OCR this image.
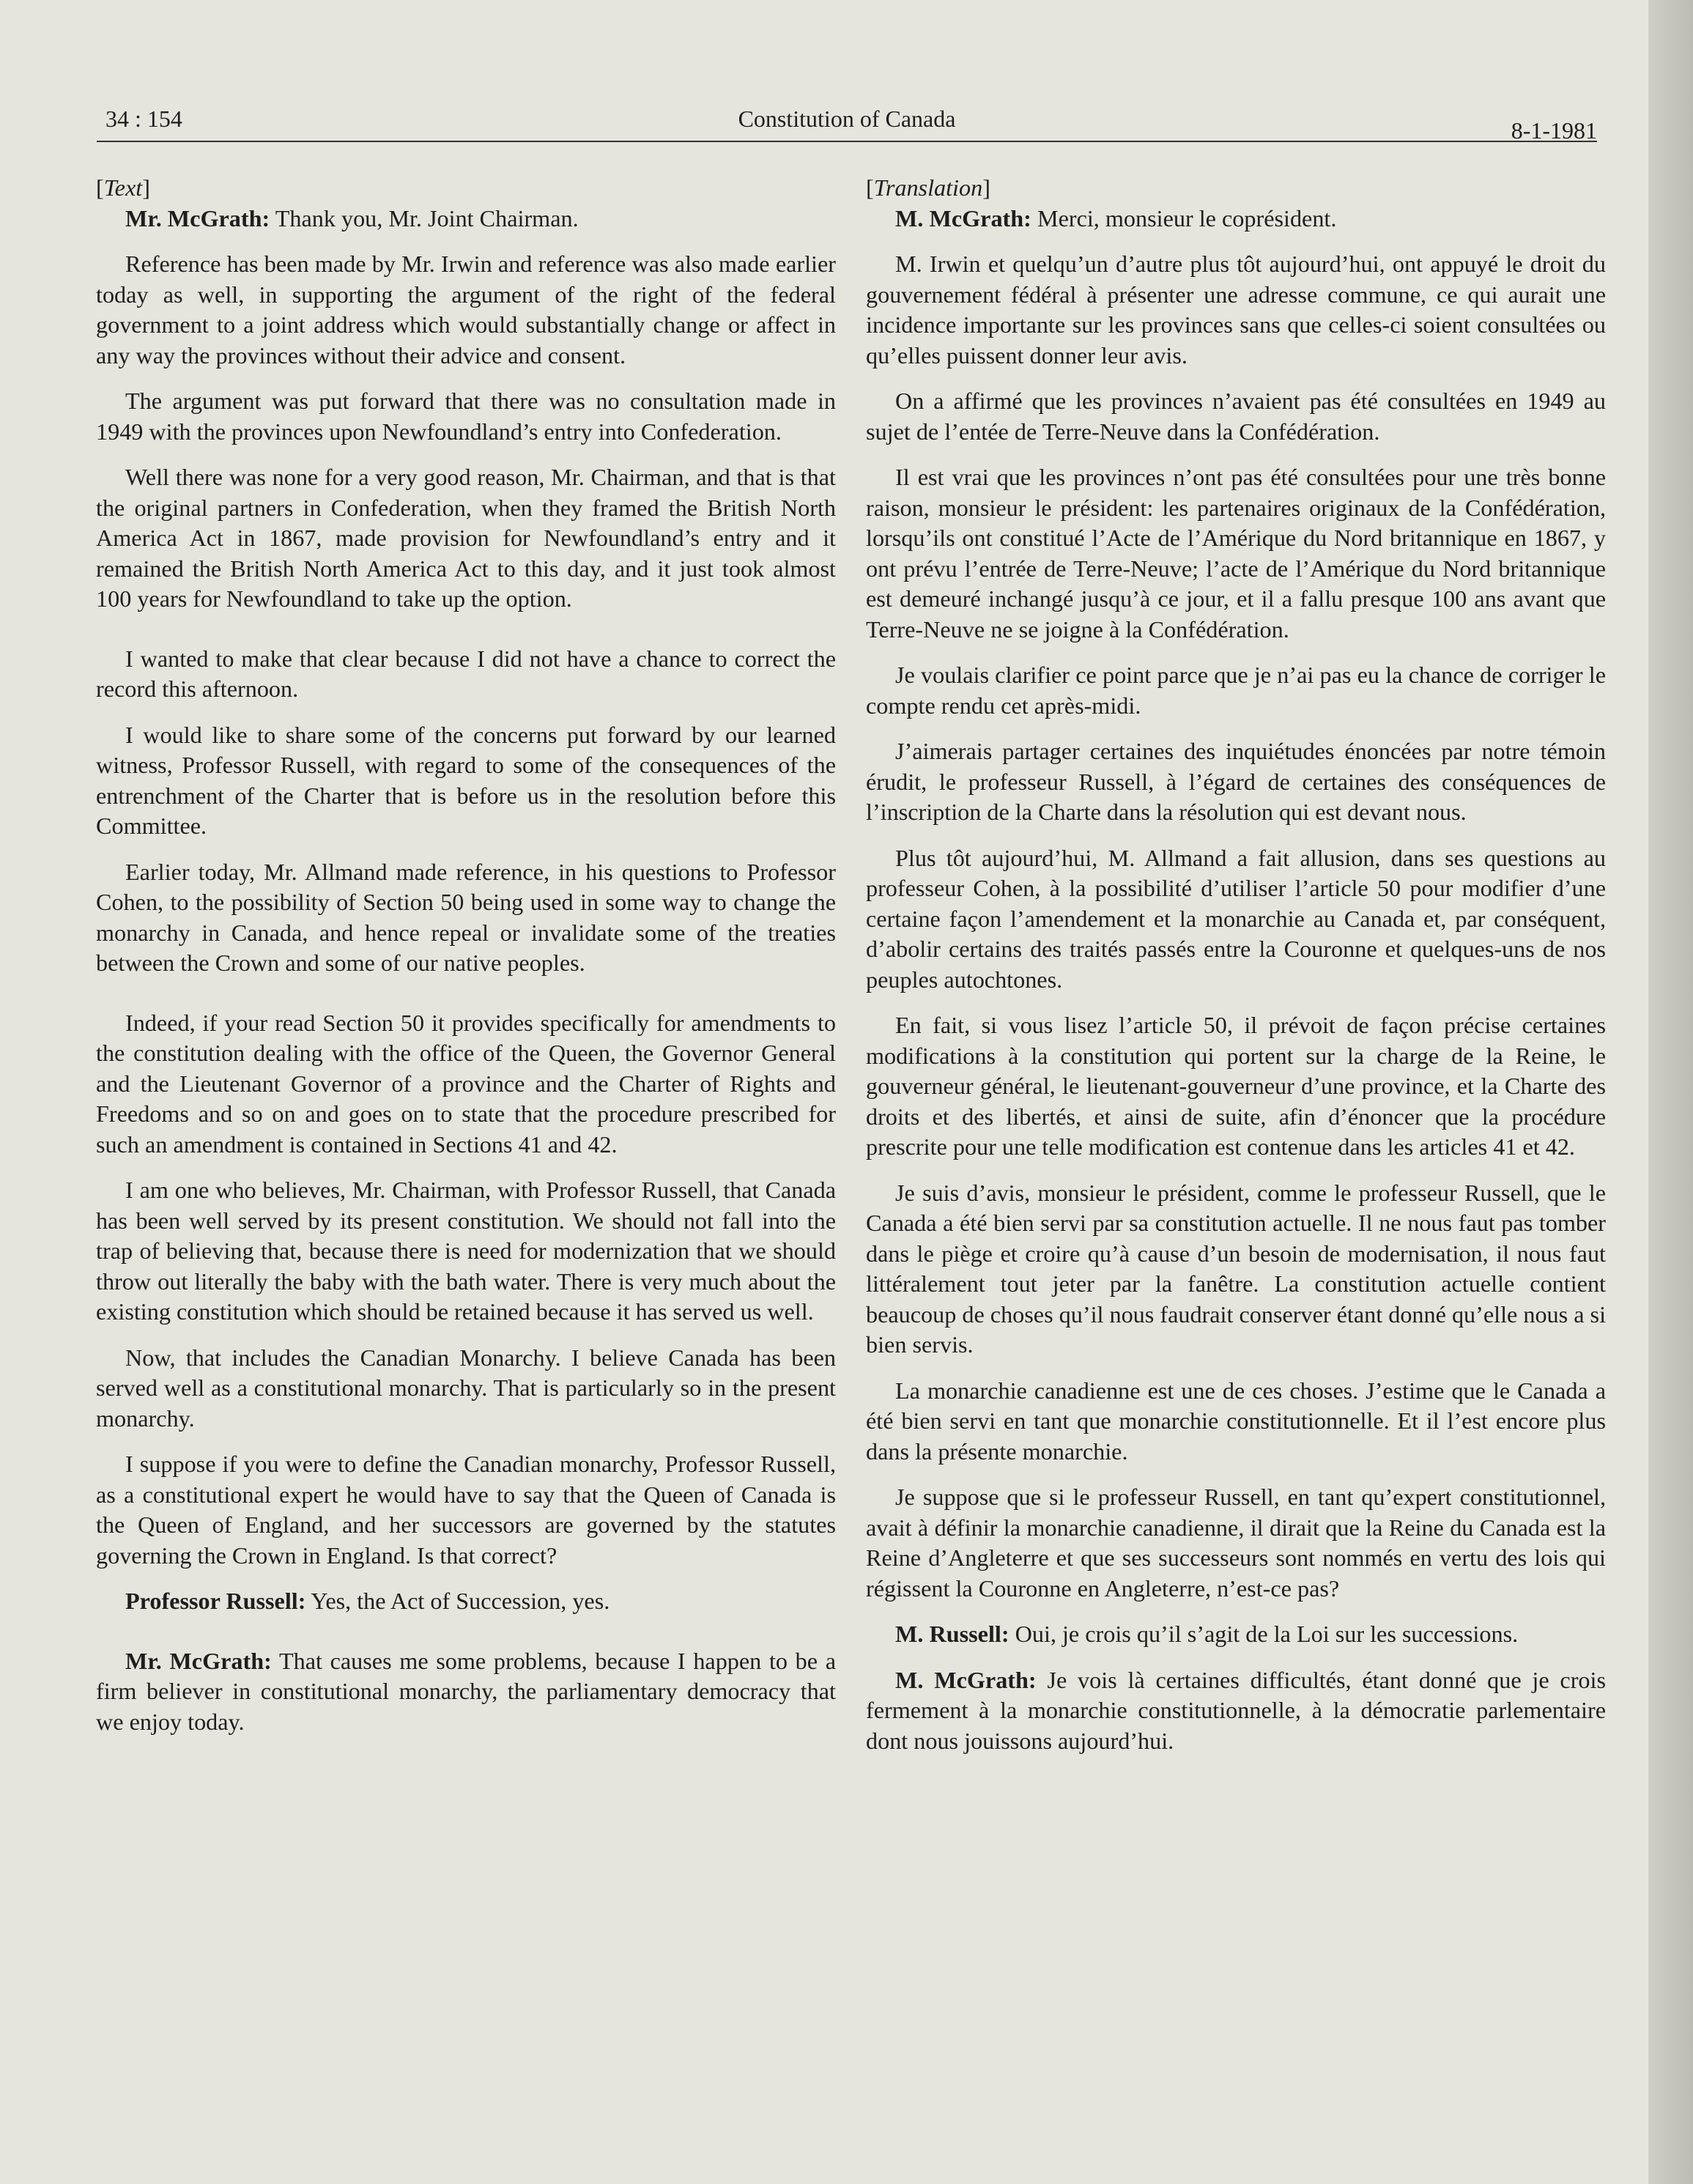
34 : 154	Constitution of Canada	8-1-1981

[Text]

Mr. McGrath: Thank you, Mr. Joint Chairman.

Reference has been made by Mr. Irwin and reference was also made earlier today as well, in supporting the argument of the right of the federal government to a joint address which would substantially change or affect in any way the provinces without their advice and consent.

The argument was put forward that there was no consultation made in 1949 with the provinces upon Newfoundland’s entry into Confederation.

Well there was none for a very good reason, Mr. Chairman, and that is that the original partners in Confederation, when they framed the British North America Act in 1867, made provision for Newfoundland’s entry and it remained the British North America Act to this day, and it just took almost 100 years for Newfoundland to take up the option.

I wanted to make that clear because I did not have a chance to correct the record this afternoon.

I would like to share some of the concerns put forward by our learned witness, Professor Russell, with regard to some of the consequences of the entrenchment of the Charter that is before us in the resolution before this Committee.

Earlier today, Mr. Allmand made reference, in his questions to Professor Cohen, to the possibility of Section 50 being used in some way to change the monarchy in Canada, and hence repeal or invalidate some of the treaties between the Crown and some of our native peoples.

Indeed, if your read Section 50 it provides specifically for amendments to the constitution dealing with the office of the Queen, the Governor General and the Lieutenant Governor of a province and the Charter of Rights and Freedoms and so on and goes on to state that the procedure prescribed for such an amendment is contained in Sections 41 and 42.

I am one who believes, Mr. Chairman, with Professor Russell, that Canada has been well served by its present constitution. We should not fall into the trap of believing that, because there is need for modernization that we should throw out literally the baby with the bath water. There is very much about the existing constitution which should be retained because it has served us well.

Now, that includes the Canadian Monarchy. I believe Canada has been served well as a constitutional monarchy. That is particularly so in the present monarchy.

I suppose if you were to define the Canadian monarchy, Professor Russell, as a constitutional expert he would have to say that the Queen of Canada is the Queen of England, and her successors are governed by the statutes governing the Crown in England. Is that correct?

Professor Russell: Yes, the Act of Succession, yes.

Mr. McGrath: That causes me some problems, because I happen to be a firm believer in constitutional monarchy, the parliamentary democracy that we enjoy today.

[Translation]

M. McGrath: Merci, monsieur le coprésident.

M. Irwin et quelqu’un d’autre plus tôt aujourd’hui, ont appuyé le droit du gouvernement fédéral à présenter une adresse commune, ce qui aurait une incidence importante sur les provinces sans que celles-ci soient consultées ou qu’elles puissent donner leur avis.

On a affirmé que les provinces n’avaient pas été consultées en 1949 au sujet de l’entée de Terre-Neuve dans la Confédération.

Il est vrai que les provinces n’ont pas été consultées pour une très bonne raison, monsieur le président: les partenaires originaux de la Confédération, lorsqu’ils ont constitué l’Acte de l’Amérique du Nord britannique en 1867, y ont prévu l’entrée de Terre-Neuve; l’acte de l’Amérique du Nord britannique est demeuré inchangé jusqu’à ce jour, et il a fallu presque 100 ans avant que Terre-Neuve ne se joigne à la Confédération.

Je voulais clarifier ce point parce que je n’ai pas eu la chance de corriger le compte rendu cet après-midi.

J’aimerais partager certaines des inquiétudes énoncées par notre témoin érudit, le professeur Russell, à l’égard de certaines des conséquences de l’inscription de la Charte dans la résolution qui est devant nous.

Plus tôt aujourd’hui, M. Allmand a fait allusion, dans ses questions au professeur Cohen, à la possibilité d’utiliser l’article 50 pour modifier d’une certaine façon l’amendement et la monarchie au Canada et, par conséquent, d’abolir certains des traités passés entre la Couronne et quelques-uns de nos peuples autochtones.

En fait, si vous lisez l’article 50, il prévoit de façon précise certaines modifications à la constitution qui portent sur la charge de la Reine, le gouverneur général, le lieutenant-gouverneur d’une province, et la Charte des droits et des libertés, et ainsi de suite, afin d’énoncer que la procédure prescrite pour une telle modification est contenue dans les articles 41 et 42.

Je suis d’avis, monsieur le président, comme le professeur Russell, que le Canada a été bien servi par sa constitution actuelle. Il ne nous faut pas tomber dans le piège et croire qu’à cause d’un besoin de modernisation, il nous faut littéralement tout jeter par la fanêtre. La constitution actuelle contient beaucoup de choses qu’il nous faudrait conserver étant donné qu’elle nous a si bien servis.

La monarchie canadienne est une de ces choses. J’estime que le Canada a été bien servi en tant que monarchie constitutionnelle. Et il l’est encore plus dans la présente monarchie.

Je suppose que si le professeur Russell, en tant qu’expert constitutionnel, avait à définir la monarchie canadienne, il dirait que la Reine du Canada est la Reine d’Angleterre et que ses successeurs sont nommés en vertu des lois qui régissent la Couronne en Angleterre, n’est-ce pas?

M. Russell: Oui, je crois qu’il s’agit de la Loi sur les successions.

M. McGrath: Je vois là certaines difficultés, étant donné que je crois fermement à la monarchie constitutionnelle, à la démocratie parlementaire dont nous jouissons aujourd’hui.
